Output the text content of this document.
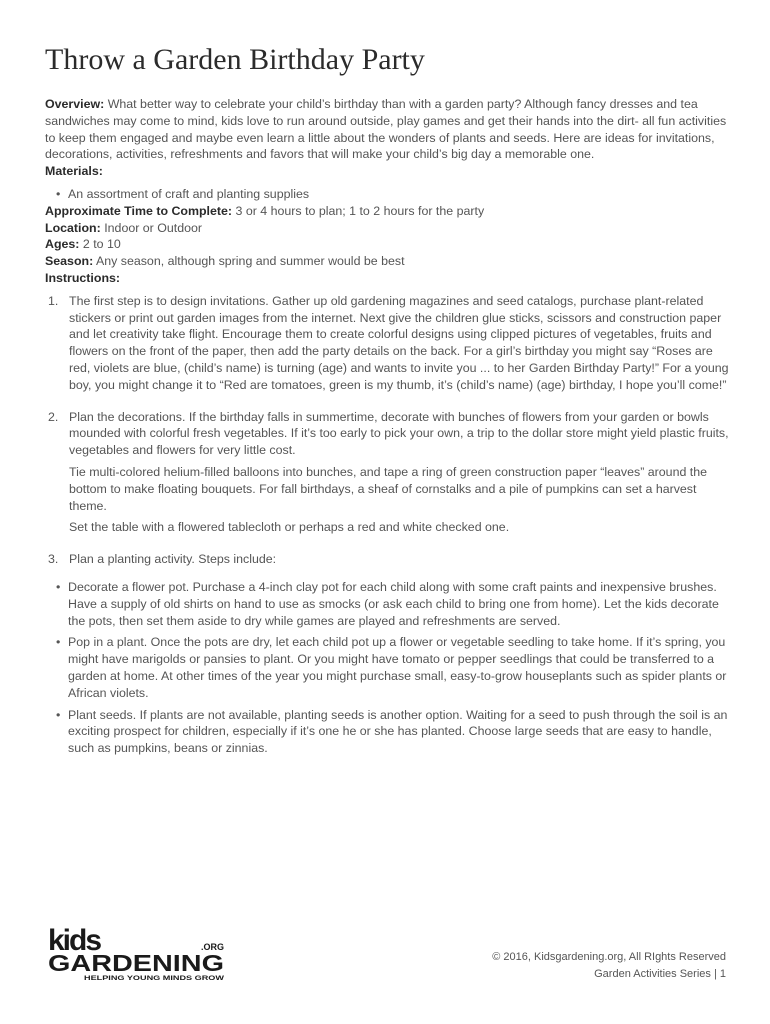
Throw a Garden Birthday Party

Overview: What better way to celebrate your child’s birthday than with a garden party? Although fancy dresses and tea sandwiches may come to mind, kids love to run around outside, play games and get their hands into the dirt- all fun activities to keep them engaged and maybe even learn a little about the wonders of plants and seeds. Here are ideas for invitations, decorations, activities, refreshments and favors that will make your child’s big day a memorable one.

Materials:

• An assortment of craft and planting supplies

Approximate Time to Complete: 3 or 4 hours to plan; 1 to 2 hours for the party

Location: Indoor or Outdoor

Ages: 2 to 10

Season: Any season, although spring and summer would be best

Instructions:

1. The first step is to design invitations. Gather up old gardening magazines and seed catalogs, purchase plant-related stickers or print out garden images from the internet. Next give the children glue sticks, scissors and construction paper and let creativity take flight. Encourage them to create colorful designs using clipped pictures of vegetables, fruits and flowers on the front of the paper, then add the party details on the back. For a girl’s birthday you might say “Roses are red, violets are blue, (child’s name) is turning (age) and wants to invite you ... to her Garden Birthday Party!” For a young boy, you might change it to “Red are tomatoes, green is my thumb, it’s (child’s name) (age) birthday, I hope you’ll come!”

2. Plan the decorations. If the birthday falls in summertime, decorate with bunches of flowers from your garden or bowls mounded with colorful fresh vegetables. If it’s too early to pick your own, a trip to the dollar store might yield plastic fruits, vegetables and flowers for very little cost.

Tie multi-colored helium-filled balloons into bunches, and tape a ring of green construction paper “leaves” around the bottom to make floating bouquets. For fall birthdays, a sheaf of cornstalks and a pile of pumpkins can set a harvest theme.

Set the table with a flowered tablecloth or perhaps a red and white checked one.

3. Plan a planting activity. Steps include:

• Decorate a flower pot. Purchase a 4-inch clay pot for each child along with some craft paints and inexpensive brushes. Have a supply of old shirts on hand to use as smocks (or ask each child to bring one from home). Let the kids decorate the pots, then set them aside to dry while games are played and refreshments are served.
• Pop in a plant. Once the pots are dry, let each child pot up a flower or vegetable seedling to take home. If it’s spring, you might have marigolds or pansies to plant. Or you might have tomato or pepper seedlings that could be transferred to a garden at home. At other times of the year you might purchase small, easy-to-grow houseplants such as spider plants or African violets.
• Plant seeds. If plants are not available, planting seeds is another option. Waiting for a seed to push through the soil is an exciting prospect for children, especially if it’s one he or she has planted. Choose large seeds that are easy to handle, such as pumpkins, beans or zinnias.
kids	.ORG
GARDENING
HELPING YOUNG MINDS GROW
© 2016, Kidsgardening.org, All RIghts Reserved
Garden Activities Series | 1
